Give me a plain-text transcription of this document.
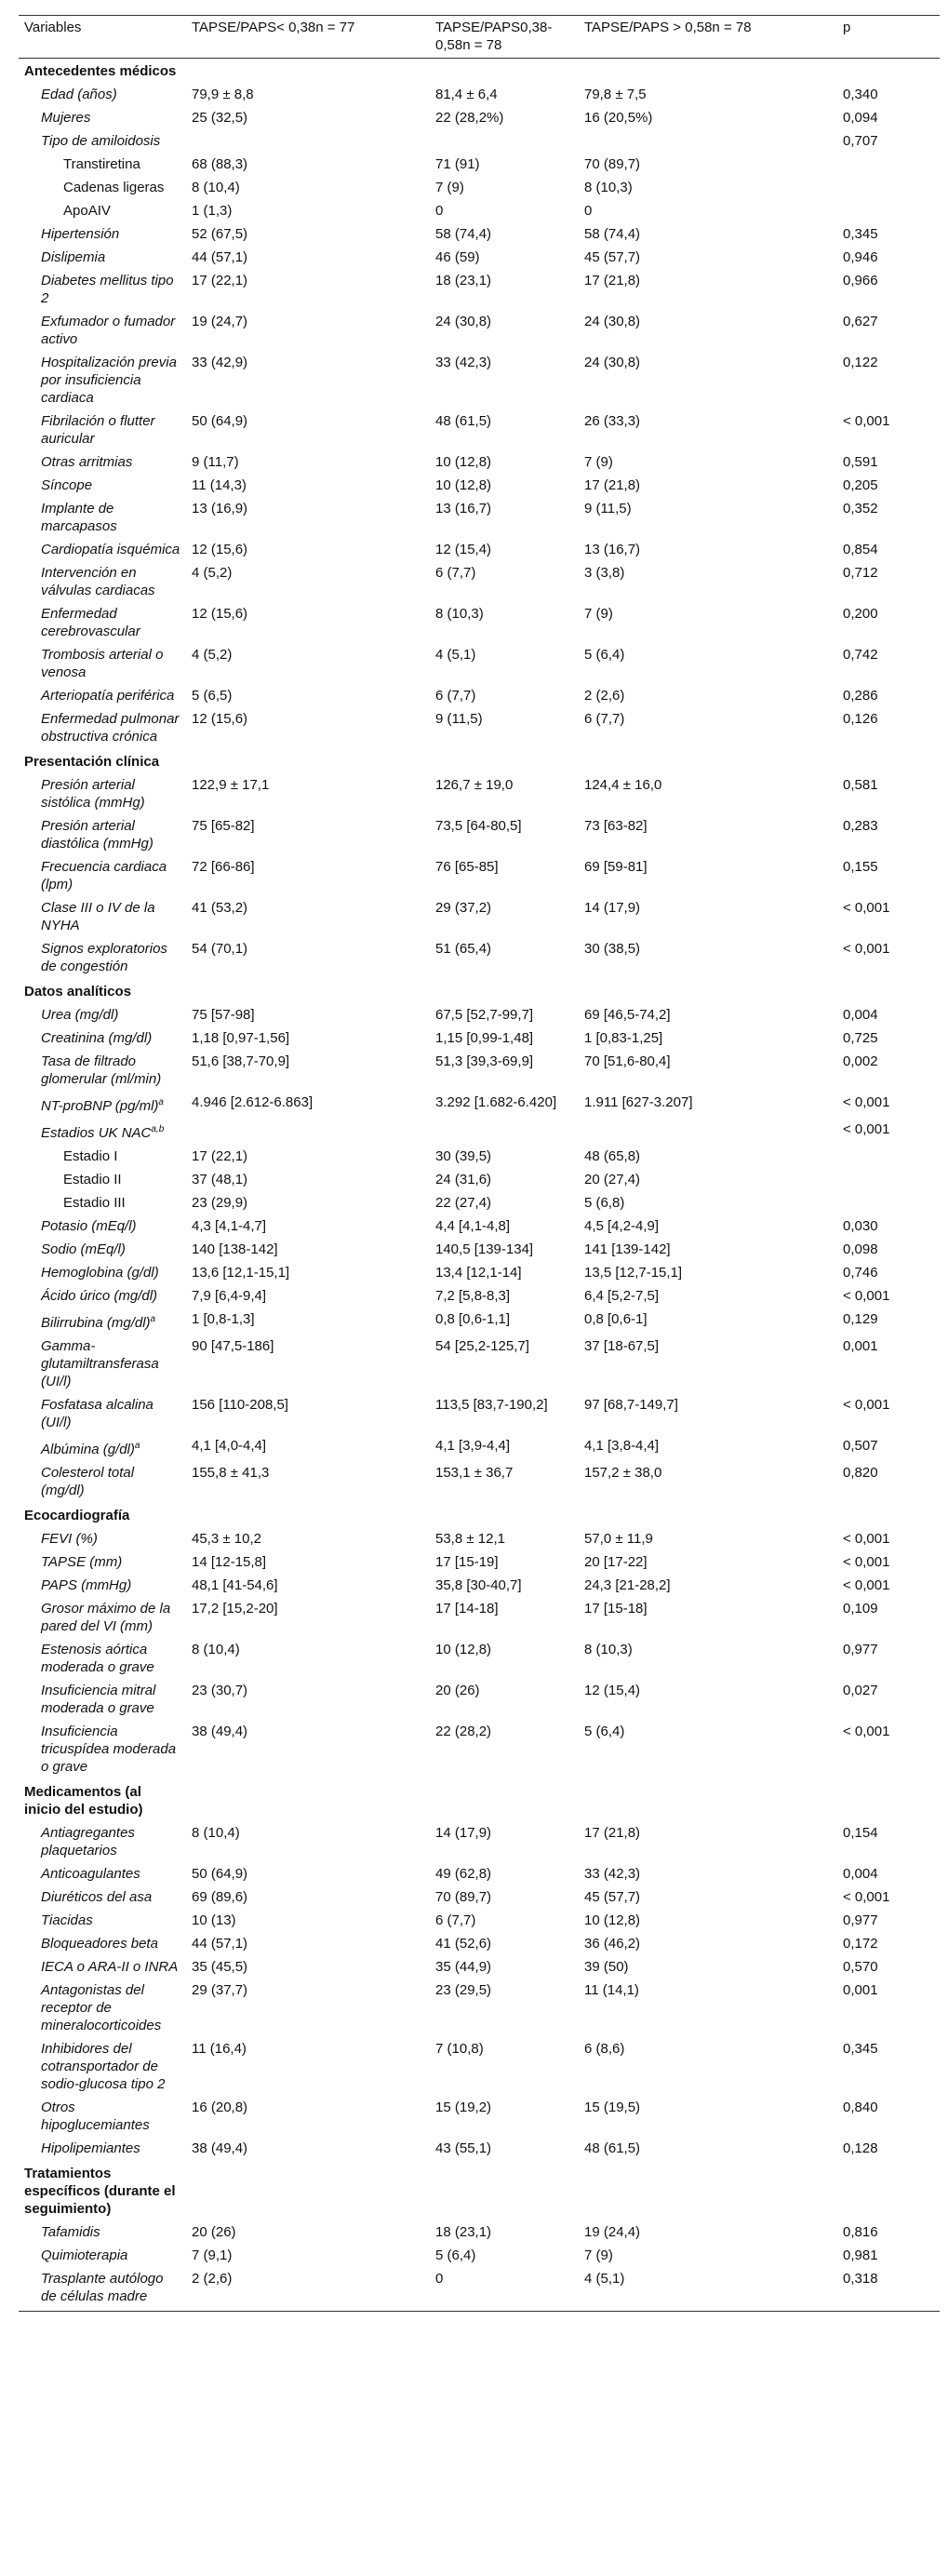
Variables	TAPSE/PAPS< 0,38n = 77	TAPSE/PAPS0,38-0,58n = 78	TAPSE/PAPS > 0,58n = 78	p
Antecedentes médicos				
Edad (años)	79,9 ± 8,8	81,4 ± 6,4	79,8 ± 7,5	0,340
Mujeres	25 (32,5)	22 (28,2%)	16 (20,5%)	0,094
Tipo de amiloidosis				0,707
Transtiretina	68 (88,3)	71 (91)	70 (89,7)	
Cadenas ligeras	8 (10,4)	7 (9)	8 (10,3)	
ApoAIV	1 (1,3)	0	0	
Hipertensión	52 (67,5)	58 (74,4)	58 (74,4)	0,345
Dislipemia	44 (57,1)	46 (59)	45 (57,7)	0,946
Diabetes mellitus tipo 2	17 (22,1)	18 (23,1)	17 (21,8)	0,966
Exfumador o fumador activo	19 (24,7)	24 (30,8)	24 (30,8)	0,627
Hospitalización previa por insuficiencia cardiaca	33 (42,9)	33 (42,3)	24 (30,8)	0,122
Fibrilación o flutter auricular	50 (64,9)	48 (61,5)	26 (33,3)	< 0,001
Otras arritmias	9 (11,7)	10 (12,8)	7 (9)	0,591
Síncope	11 (14,3)	10 (12,8)	17 (21,8)	0,205
Implante de marcapasos	13 (16,9)	13 (16,7)	9 (11,5)	0,352
Cardiopatía isquémica	12 (15,6)	12 (15,4)	13 (16,7)	0,854
Intervención en válvulas cardiacas	4 (5,2)	6 (7,7)	3 (3,8)	0,712
Enfermedad cerebrovascular	12 (15,6)	8 (10,3)	7 (9)	0,200
Trombosis arterial o venosa	4 (5,2)	4 (5,1)	5 (6,4)	0,742
Arteriopatía periférica	5 (6,5)	6 (7,7)	2 (2,6)	0,286
Enfermedad pulmonar obstructiva crónica	12 (15,6)	9 (11,5)	6 (7,7)	0,126
Presentación clínica				
Presión arterial sistólica (mmHg)	122,9 ± 17,1	126,7 ± 19,0	124,4 ± 16,0	0,581
Presión arterial diastólica (mmHg)	75 [65-82]	73,5 [64-80,5]	73 [63-82]	0,283
Frecuencia cardiaca (lpm)	72 [66-86]	76 [65-85]	69 [59-81]	0,155
Clase III o IV de la NYHA	41 (53,2)	29 (37,2)	14 (17,9)	< 0,001
Signos exploratorios de congestión	54 (70,1)	51 (65,4)	30 (38,5)	< 0,001
Datos analíticos				
Urea (mg/dl)	75 [57-98]	67,5 [52,7-99,7]	69 [46,5-74,2]	0,004
Creatinina (mg/dl)	1,18 [0,97-1,56]	1,15 [0,99-1,48]	1 [0,83-1,25]	0,725
Tasa de filtrado glomerular (ml/min)	51,6 [38,7-70,9]	51,3 [39,3-69,9]	70 [51,6-80,4]	0,002
NT-proBNP $(pg/ml)^a$	4.946 [2.612-6.863]	3.292 [1.682-6.420]	1.911 [627-3.207]	< 0,001
Estadios UK NAC$^{a,b}$				< 0,001
Estadio I	17 (22,1)	30 (39,5)	48 (65,8)	
Estadio II	37 (48,1)	24 (31,6)	20 (27,4)	
Estadio III	23 (29,9)	22 (27,4)	5 (6,8)	
Potasio (mEq/l)	4,3 [4,1-4,7]	4,4 [4,1-4,8]	4,5 [4,2-4,9]	0,030
Sodio (mEq/l)	140 [138-142]	140,5 [139-134]	141 [139-142]	0,098
Hemoglobina (g/dl)	13,6 [12,1-15,1]	13,4 [12,1-14]	13,5 [12,7-15,1]	0,746
Ácido úrico (mg/dl)	7,9 [6,4-9,4]	7,2 [5,8-8,3]	6,4 [5,2-7,5]	< 0,001
Bilirrubina $(mg/dl)^a$	1 [0,8-1,3]	0,8 [0,6-1,1]	0,8 [0,6-1]	0,129
Gamma-glutamiltransferasa (UI/l)	90 [47,5-186]	54 [25,2-125,7]	37 [18-67,5]	0,001
Fosfatasa alcalina (UI/l)	156 [110-208,5]	113,5 [83,7-190,2]	97 [68,7-149,7]	< 0,001
Albúmina $(g/dl)^a$	4,1 [4,0-4,4]	4,1 [3,9-4,4]	4,1 [3,8-4,4]	0,507
Colesterol total (mg/dl)	155,8 ± 41,3	153,1 ± 36,7	157,2 ± 38,0	0,820
Ecocardiografía				
FEVI (%)	45,3 ± 10,2	53,8 ± 12,1	57,0 ± 11,9	< 0,001
TAPSE (mm)	14 [12-15,8]	17 [15-19]	20 [17-22]	< 0,001
PAPS (mmHg)	48,1 [41-54,6]	35,8 [30-40,7]	24,3 [21-28,2]	< 0,001
Grosor máximo de la pared del VI (mm)	17,2 [15,2-20]	17 [14-18]	17 [15-18]	0,109
Estenosis aórtica moderada o grave	8 (10,4)	10 (12,8)	8 (10,3)	0,977
Insuficiencia mitral moderada o grave	23 (30,7)	20 (26)	12 (15,4)	0,027
Insuficiencia tricuspídea moderada o grave	38 (49,4)	22 (28,2)	5 (6,4)	< 0,001
Medicamentos (al inicio del estudio)				
Antiagregantes plaquetarios	8 (10,4)	14 (17,9)	17 (21,8)	0,154
Anticoagulantes	50 (64,9)	49 (62,8)	33 (42,3)	0,004
Diuréticos del asa	69 (89,6)	70 (89,7)	45 (57,7)	< 0,001
Tiacidas	10 (13)	6 (7,7)	10 (12,8)	0,977
Bloqueadores beta	44 (57,1)	41 (52,6)	36 (46,2)	0,172
IECA o ARA-II o INRA	35 (45,5)	35 (44,9)	39 (50)	0,570
Antagonistas del receptor de mineralocorticoides	29 (37,7)	23 (29,5)	11 (14,1)	0,001
Inhibidores del cotransportador de sodio-glucosa tipo 2	11 (16,4)	7 (10,8)	6 (8,6)	0,345
Otros hipoglucemiantes	16 (20,8)	15 (19,2)	15 (19,5)	0,840
Hipolipemiantes	38 (49,4)	43 (55,1)	48 (61,5)	0,128
Tratamientos específicos (durante el seguimiento)				
Tafamidis	20 (26)	18 (23,1)	19 (24,4)	0,816
Quimioterapia	7 (9,1)	5 (6,4)	7 (9)	0,981
Trasplante autólogo de células madre	2 (2,6)	0	4 (5,1)	0,318
